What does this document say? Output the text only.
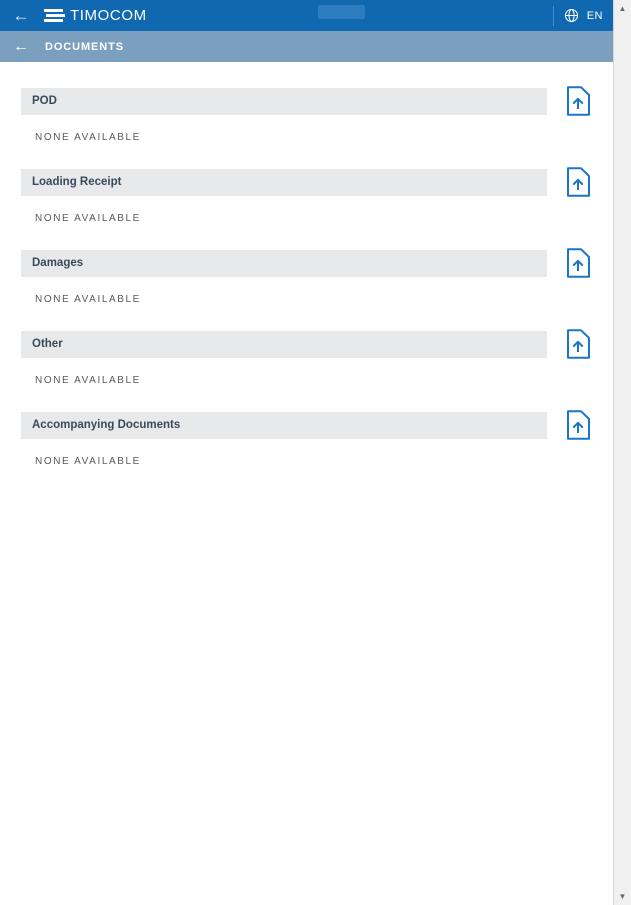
←	TIMOCOM	EN
← DOCUMENTS
POD
NONE AVAILABLE
Loading Receipt
NONE AVAILABLE
Damages
NONE AVAILABLE
Other
NONE AVAILABLE
Accompanying Documents
NONE AVAILABLE
▲
▼
